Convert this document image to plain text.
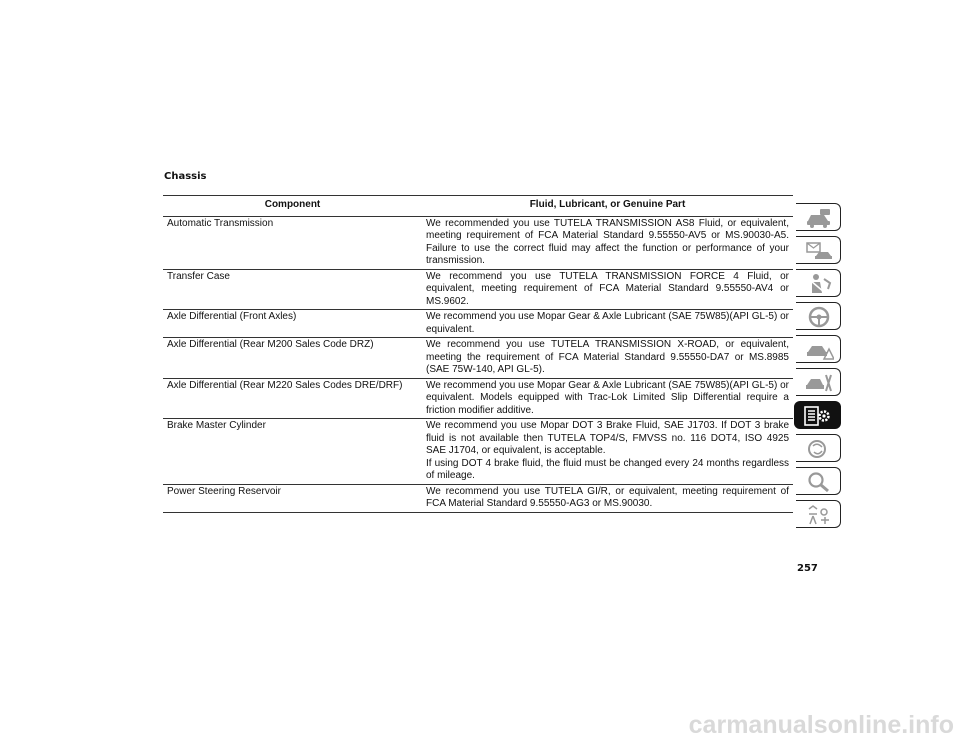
Chassis
Component	Fluid, Lubricant, or Genuine Part
Automatic Transmission	We recommended you use TUTELA TRANSMISSION AS8 Fluid, or equivalent, meeting requirement of FCA Material Standard 9.55550-AV5 or MS.90030-A5. Failure to use the correct fluid may affect the function or performance of your transmission.

Transfer Case	We recommend you use TUTELA TRANSMISSION FORCE 4 Fluid, or equivalent, meeting requirement of FCA Material Standard 9.55550-AV4 or MS.9602.

Axle Differential (Front Axles)	We recommend you use Mopar Gear & Axle Lubricant (SAE 75W85)(API GL-5) or equivalent.

Axle Differential (Rear M200 Sales Code DRZ)	We recommend you use TUTELA TRANSMISSION X-ROAD, or equivalent, meeting the requirement of FCA Material Standard 9.55550-DA7 or MS.8985 (SAE 75W-140, API GL-5).

Axle Differential (Rear M220 Sales Codes DRE/DRF)	We recommend you use Mopar Gear & Axle Lubricant (SAE 75W85)(API GL-5) or equivalent. Models equipped with Trac-Lok Limited Slip Differential require a friction modifier additive.

Brake Master Cylinder	We recommend you use Mopar DOT 3 Brake Fluid, SAE J1703. If DOT 3 brake fluid is not available then TUTELA TOP4/S, FMVSS no. 116 DOT4, ISO 4925 SAE J1704, or equivalent, is acceptable.
If using DOT 4 brake fluid, the fluid must be changed every 24 months regardless of mileage.

Power Steering Reservoir	We recommend you use TUTELA GI/R, or equivalent, meeting requirement of FCA Material Standard 9.55550-AG3 or MS.90030.
257
carmanualsonline.info
